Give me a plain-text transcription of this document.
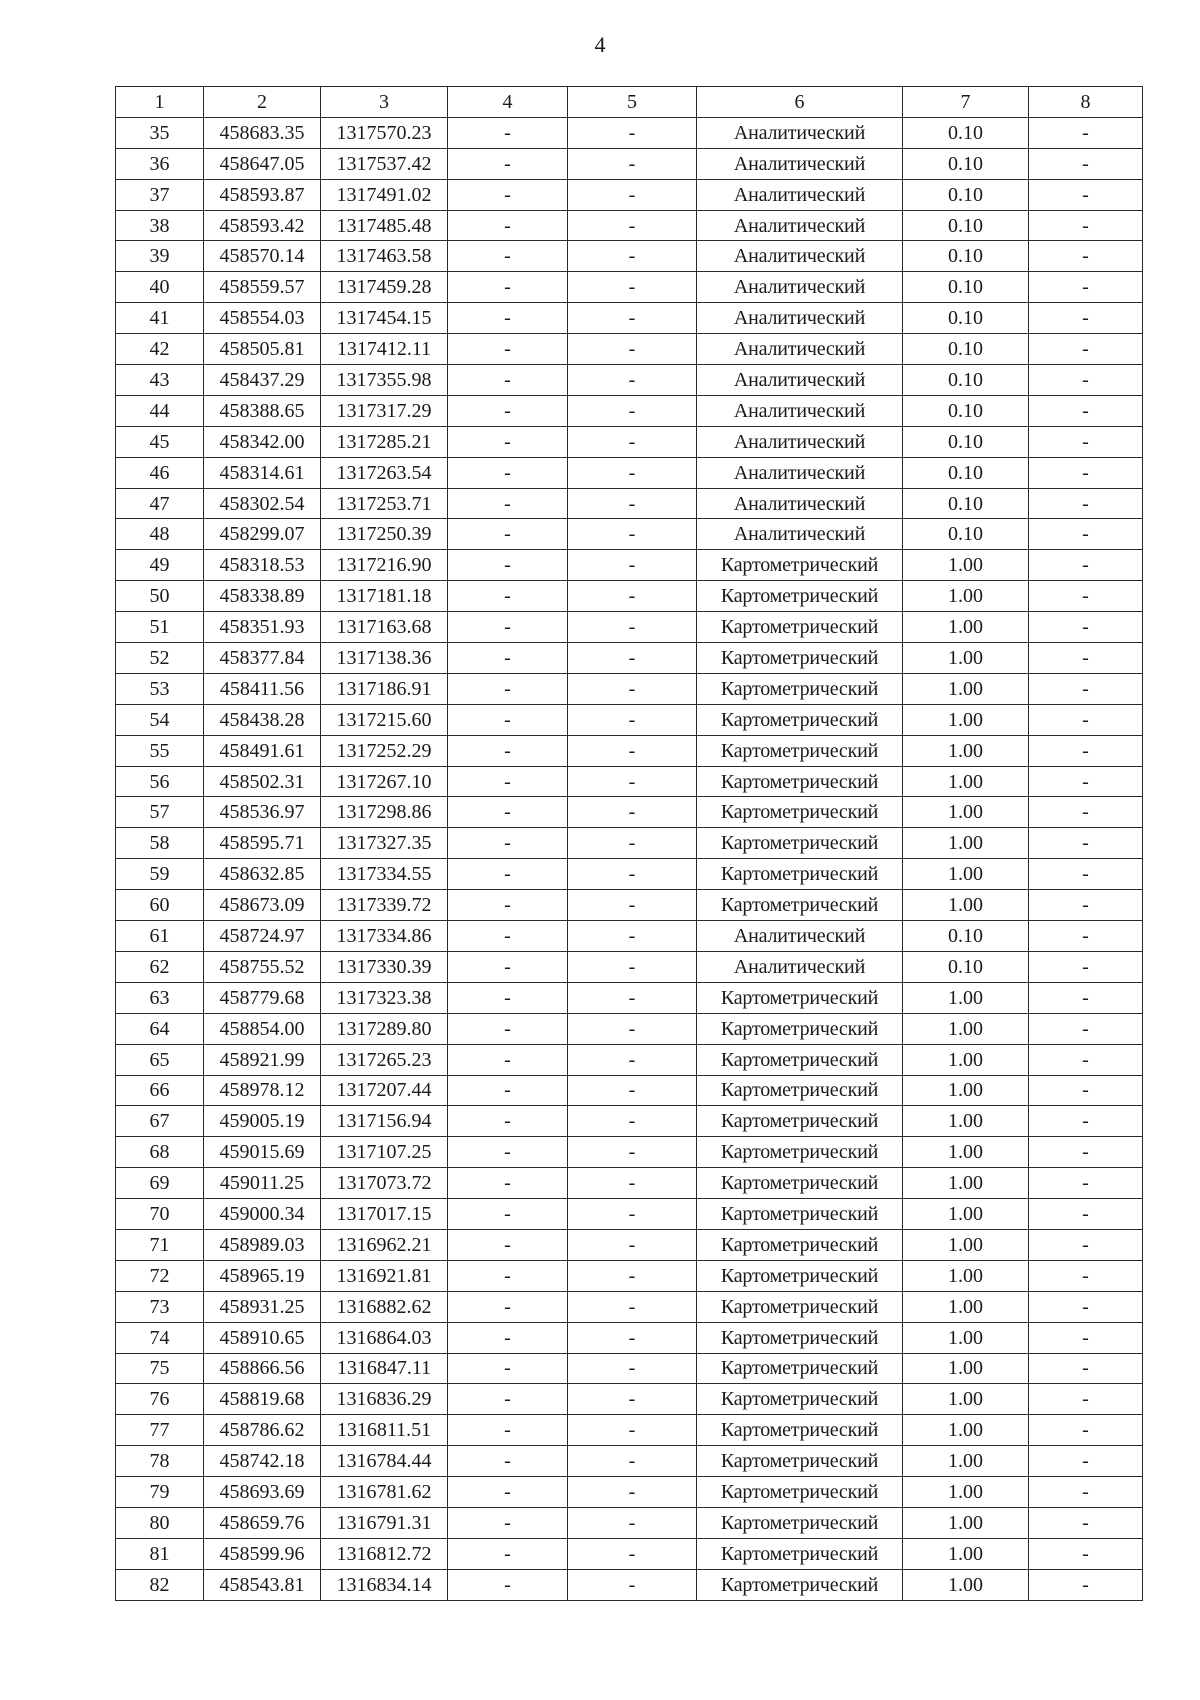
4
1	2	3	4	5	6	7	8
35	458683.35	1317570.23	-	-	Аналитический	0.10	-
36	458647.05	1317537.42	-	-	Аналитический	0.10	-
37	458593.87	1317491.02	-	-	Аналитический	0.10	-
38	458593.42	1317485.48	-	-	Аналитический	0.10	-
39	458570.14	1317463.58	-	-	Аналитический	0.10	-
40	458559.57	1317459.28	-	-	Аналитический	0.10	-
41	458554.03	1317454.15	-	-	Аналитический	0.10	-
42	458505.81	1317412.11	-	-	Аналитический	0.10	-
43	458437.29	1317355.98	-	-	Аналитический	0.10	-
44	458388.65	1317317.29	-	-	Аналитический	0.10	-
45	458342.00	1317285.21	-	-	Аналитический	0.10	-
46	458314.61	1317263.54	-	-	Аналитический	0.10	-
47	458302.54	1317253.71	-	-	Аналитический	0.10	-
48	458299.07	1317250.39	-	-	Аналитический	0.10	-
49	458318.53	1317216.90	-	-	Картометрический	1.00	-
50	458338.89	1317181.18	-	-	Картометрический	1.00	-
51	458351.93	1317163.68	-	-	Картометрический	1.00	-
52	458377.84	1317138.36	-	-	Картометрический	1.00	-
53	458411.56	1317186.91	-	-	Картометрический	1.00	-
54	458438.28	1317215.60	-	-	Картометрический	1.00	-
55	458491.61	1317252.29	-	-	Картометрический	1.00	-
56	458502.31	1317267.10	-	-	Картометрический	1.00	-
57	458536.97	1317298.86	-	-	Картометрический	1.00	-
58	458595.71	1317327.35	-	-	Картометрический	1.00	-
59	458632.85	1317334.55	-	-	Картометрический	1.00	-
60	458673.09	1317339.72	-	-	Картометрический	1.00	-
61	458724.97	1317334.86	-	-	Аналитический	0.10	-
62	458755.52	1317330.39	-	-	Аналитический	0.10	-
63	458779.68	1317323.38	-	-	Картометрический	1.00	-
64	458854.00	1317289.80	-	-	Картометрический	1.00	-
65	458921.99	1317265.23	-	-	Картометрический	1.00	-
66	458978.12	1317207.44	-	-	Картометрический	1.00	-
67	459005.19	1317156.94	-	-	Картометрический	1.00	-
68	459015.69	1317107.25	-	-	Картометрический	1.00	-
69	459011.25	1317073.72	-	-	Картометрический	1.00	-
70	459000.34	1317017.15	-	-	Картометрический	1.00	-
71	458989.03	1316962.21	-	-	Картометрический	1.00	-
72	458965.19	1316921.81	-	-	Картометрический	1.00	-
73	458931.25	1316882.62	-	-	Картометрический	1.00	-
74	458910.65	1316864.03	-	-	Картометрический	1.00	-
75	458866.56	1316847.11	-	-	Картометрический	1.00	-
76	458819.68	1316836.29	-	-	Картометрический	1.00	-
77	458786.62	1316811.51	-	-	Картометрический	1.00	-
78	458742.18	1316784.44	-	-	Картометрический	1.00	-
79	458693.69	1316781.62	-	-	Картометрический	1.00	-
80	458659.76	1316791.31	-	-	Картометрический	1.00	-
81	458599.96	1316812.72	-	-	Картометрический	1.00	-
82	458543.81	1316834.14	-	-	Картометрический	1.00	-
